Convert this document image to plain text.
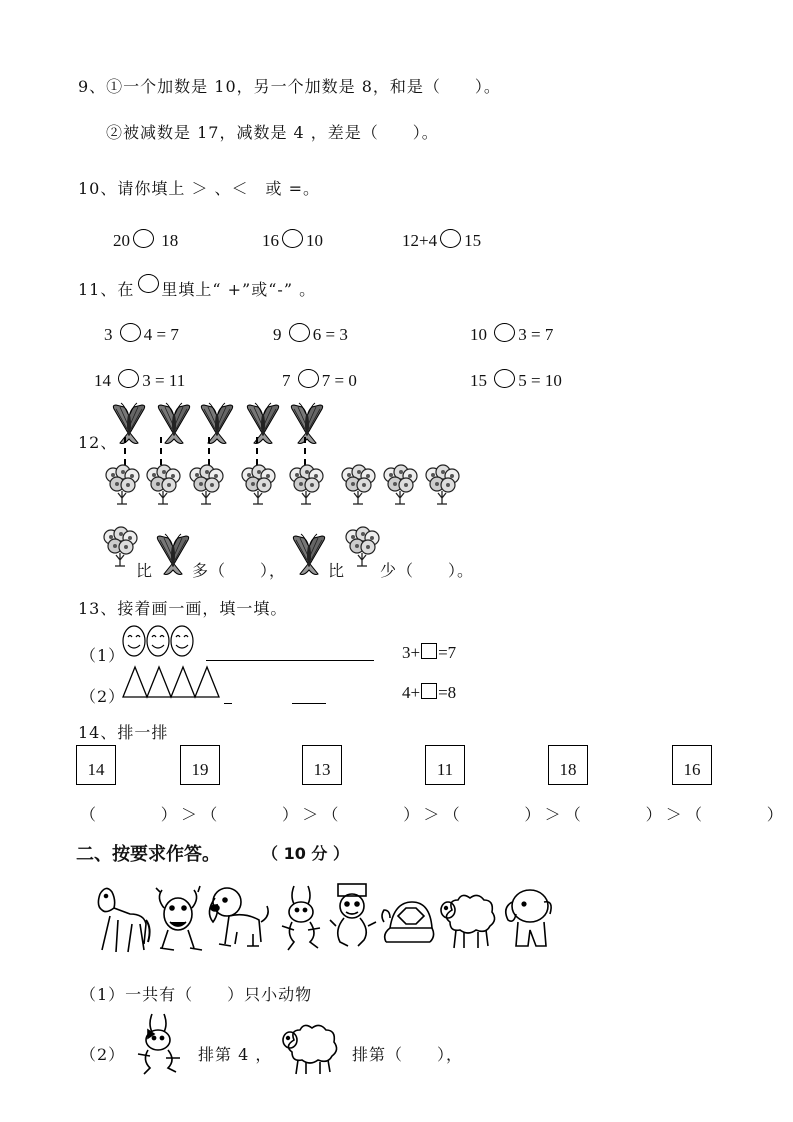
9、①一个加数是 10，另一个加数是 8，和是（　　）。
②被减数是 17，减数是 4 ，差是（　　）。
10、请你填上 ＞ 、＜　或 =。
20 18	16 10	12+4 15
11、在 里填上“ +”或“-” 。
3 4 = 7	9 6 = 3	10 3 = 7
14 3 = 11	7 7 = 0	15 5 = 10
12、
比 多（　　），	比 少（　　）。
13、接着画一画，填一填。
（1）	3+ =7
（2）	4+ =8
14、排一排
14	19	13	11	18	16
（　　　）＞（　　　）＞（　　　）＞（　　　）＞（　　　）＞（　　　）
二、按要求作答。	（ 10 分 ）
（1）一共有（　　）只小动物
（2）	排第 4 ，	排第（　　），
